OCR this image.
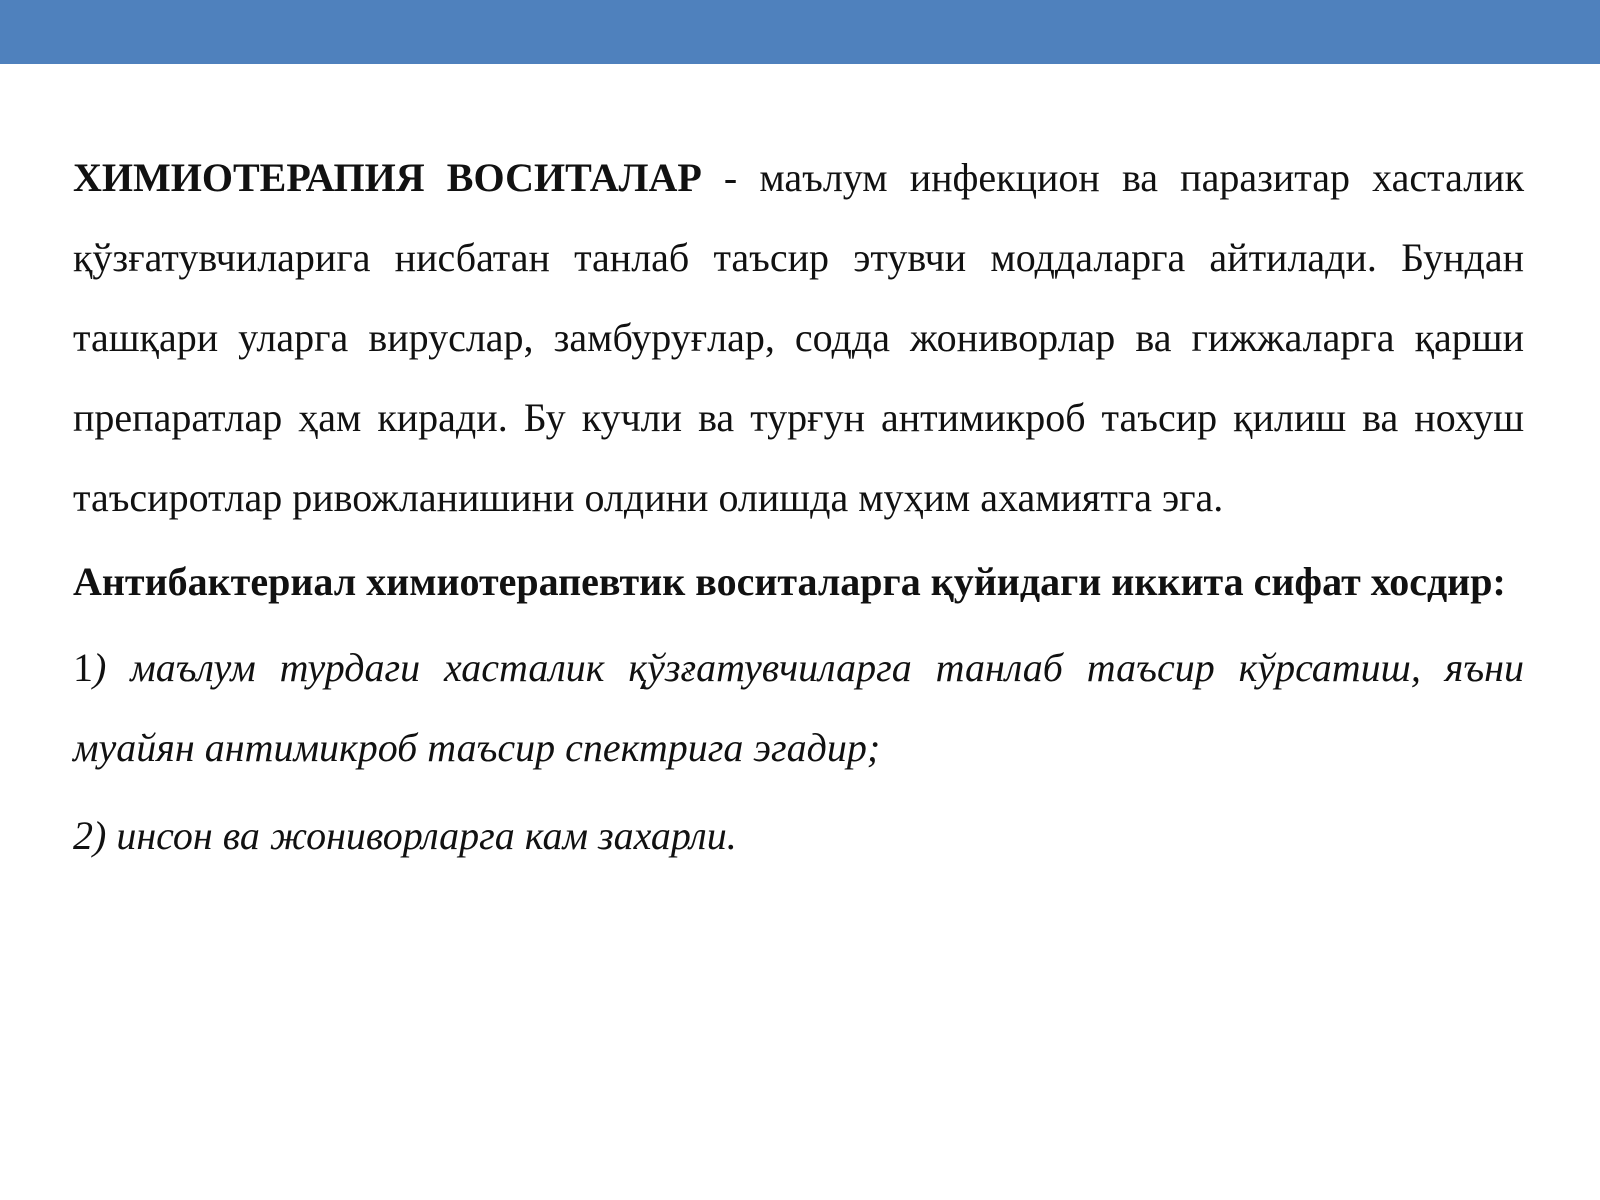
ХИМИОТЕРАПИЯ ВОСИТАЛАР - маълум инфекцион ва паразитар хасталик қўзғатувчиларига нисбатан танлаб таъсир этувчи моддаларга айтилади. Бундан ташқари уларга вируслар, замбуруғлар, содда жониворлар ва гижжаларга қарши препаратлар ҳам киради. Бу кучли ва турғун антимикроб таъсир қилиш ва нохуш таъсиротлар ривожланишини олдини олишда муҳим ахамиятга эга.

Антибактериал химиотерапевтик воситаларга қуйидаги иккита сифат хосдир:

1) маълум турдаги хасталик қўзғатувчиларга танлаб таъсир кўрсатиш, яъни муайян антимикроб таъсир спектрига эгадир;

2) инсон ва жониворларга кам захарли.
